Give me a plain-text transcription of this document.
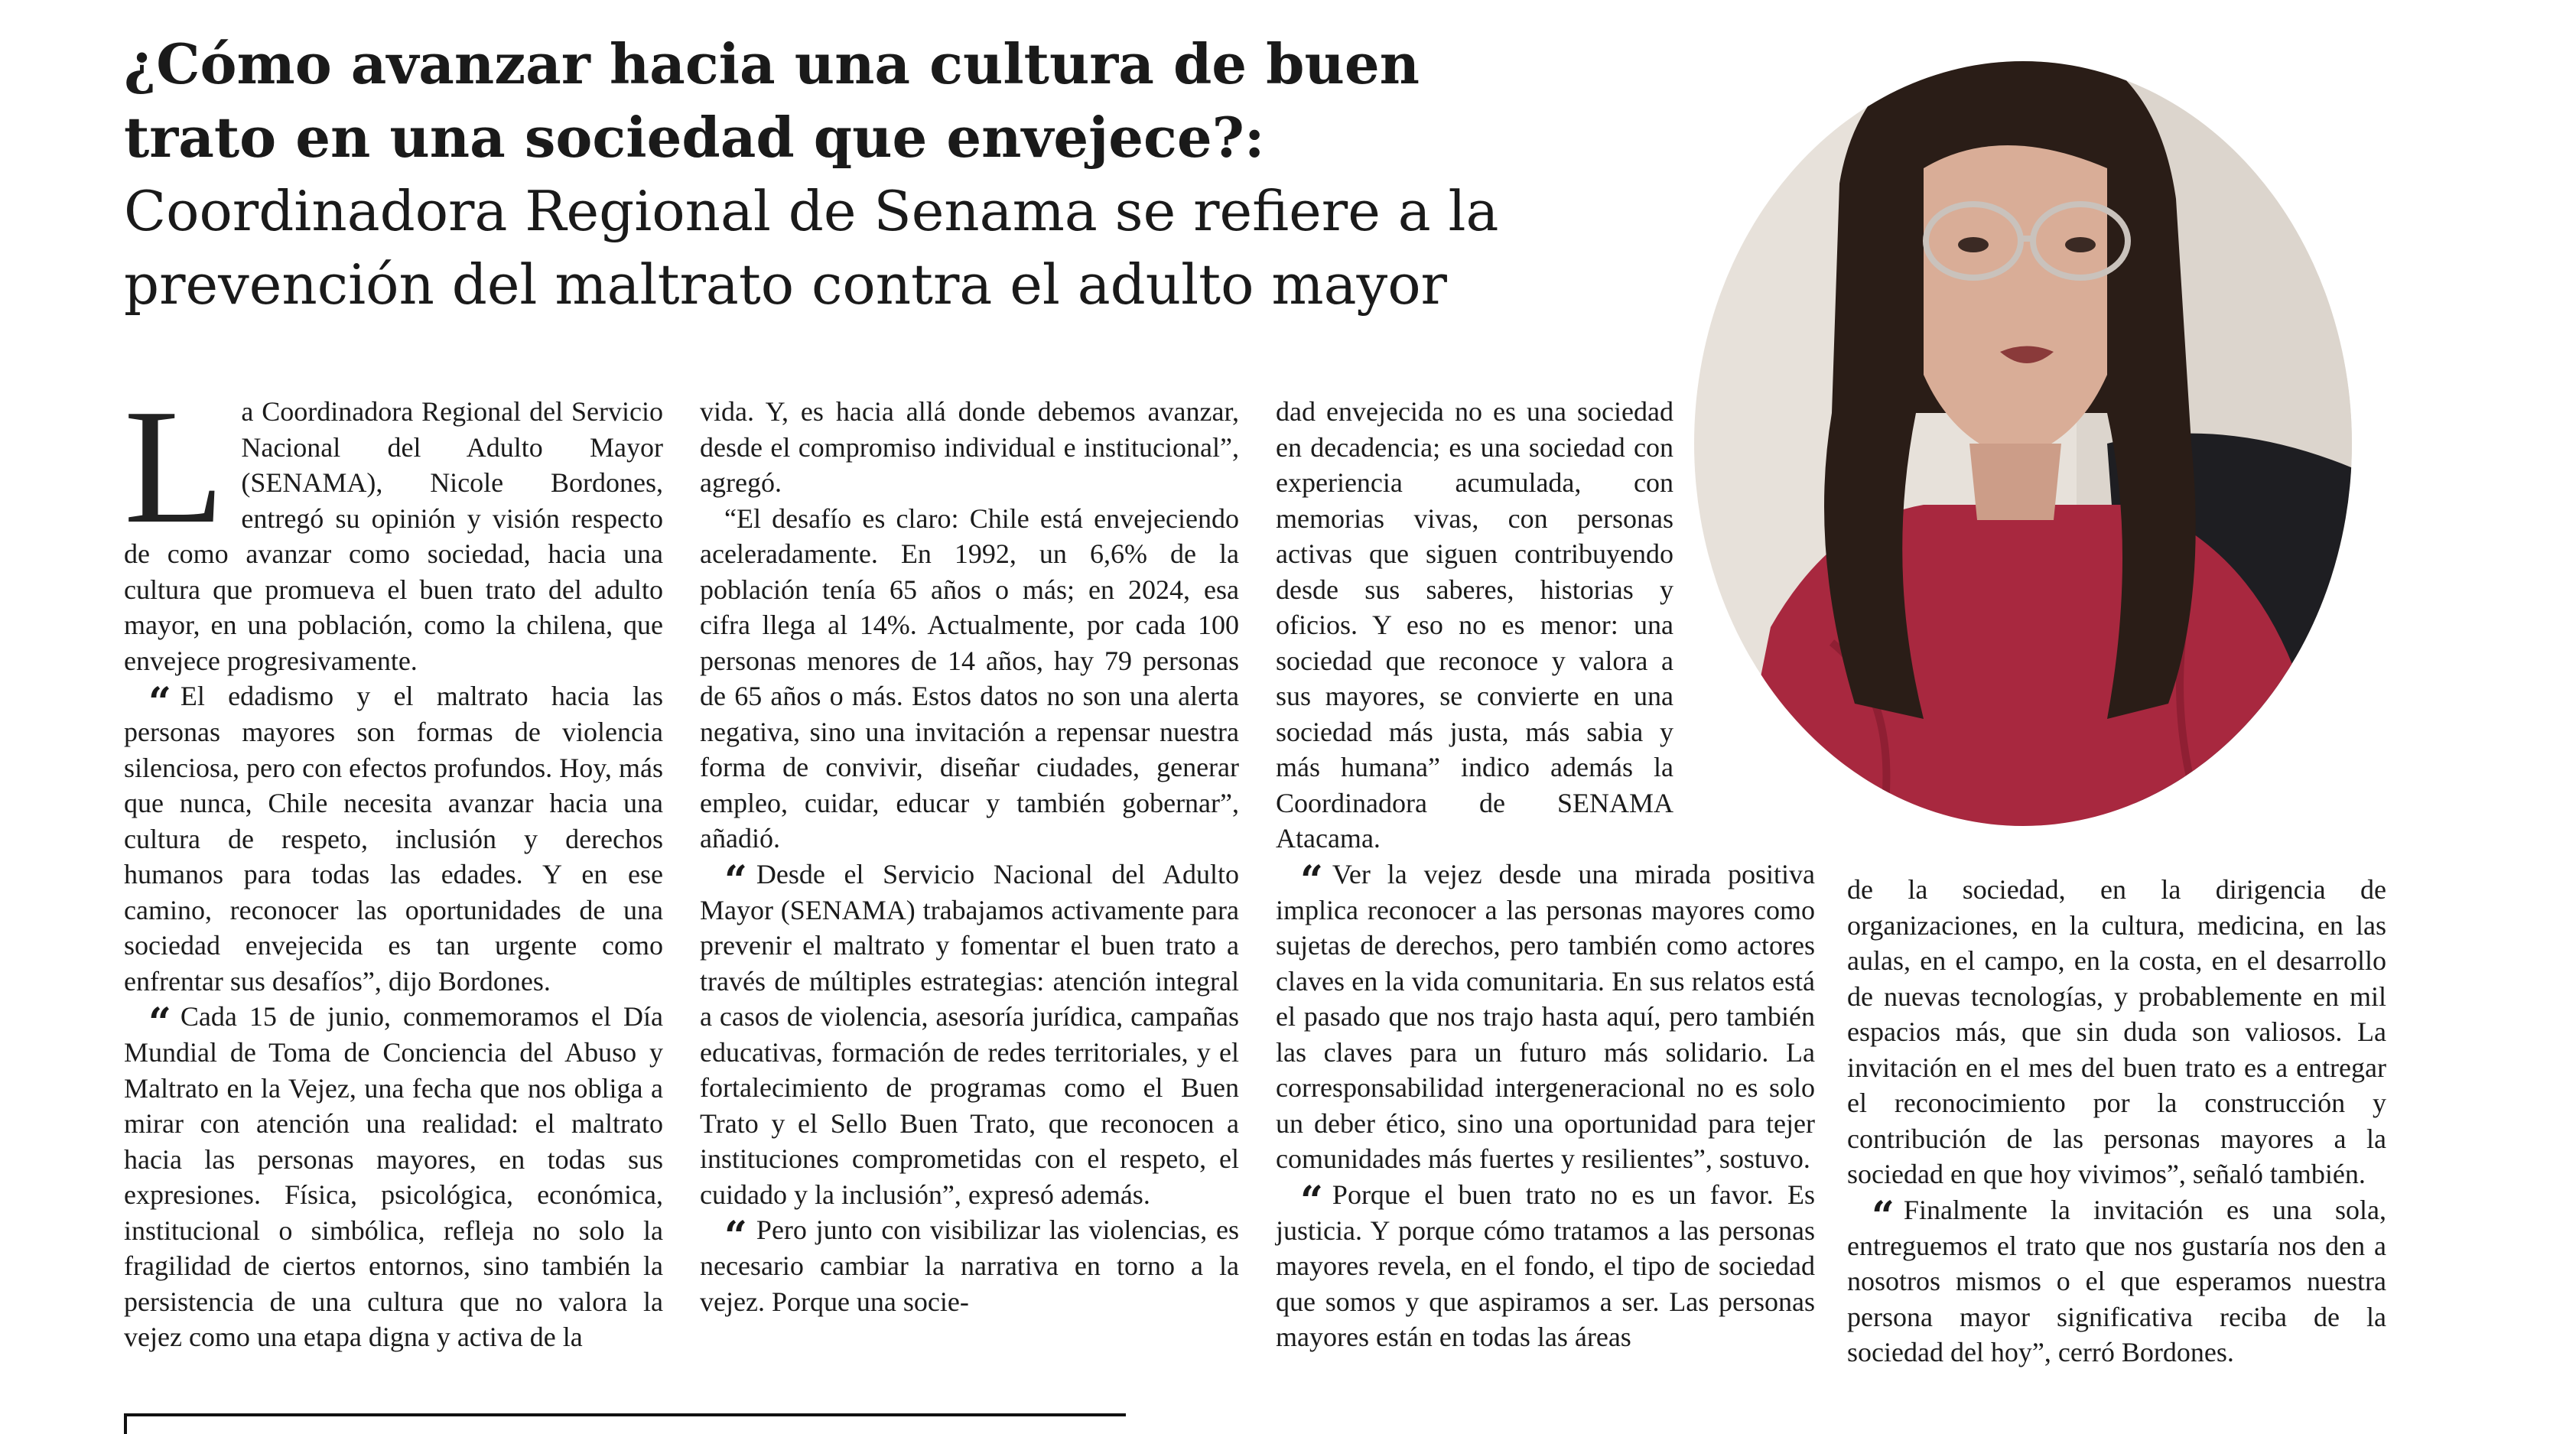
¿Cómo avanzar hacia una cultura de buen trato en una sociedad que envejece?: Coordinadora Regional de Senama se refiere a la prevención del maltrato contra el adulto mayor
L a Coordinadora Regional del Servicio Nacional del Adulto Mayor (SENAMA), Nicole Bordones, entregó su opinión y visión respecto de como avanzar como sociedad, hacia una cultura que promueva el buen trato del adulto mayor, en una población, como la chilena, que envejece progresivamente.

“ El edadismo y el maltrato hacia las personas mayores son formas de violencia silenciosa, pero con efectos profundos. Hoy, más que nunca, Chile necesita avanzar hacia una cultura de respeto, inclusión y derechos humanos para todas las edades. Y en ese camino, reconocer las oportunidades de una sociedad envejecida es tan urgente como enfrentar sus desafíos”, dijo Bordones.

“ Cada 15 de junio, conmemoramos el Día Mundial de Toma de Conciencia del Abuso y Maltrato en la Vejez, una fecha que nos obliga a mirar con atención una realidad: el maltrato hacia las personas mayores, en todas sus expresiones. Física, psicológica, económica, institucional o simbólica, refleja no solo la fragilidad de ciertos entornos, sino también la persistencia de una cultura que no valora la vejez como una etapa digna y activa de la

vida. Y, es hacia allá donde debemos avanzar, desde el compromiso individual e institucional”, agregó.

“El desafío es claro: Chile está envejeciendo aceleradamente. En 1992, un 6,6% de la población tenía 65 años o más; en 2024, esa cifra llega al 14%. Actualmente, por cada 100 personas menores de 14 años, hay 79 personas de 65 años o más. Estos datos no son una alerta negativa, sino una invitación a repensar nuestra forma de convivir, diseñar ciudades, generar empleo, cuidar, educar y también gobernar”, añadió.

“ Desde el Servicio Nacional del Adulto Mayor (SENAMA) trabajamos activamente para prevenir el maltrato y fomentar el buen trato a través de múltiples estrategias: atención integral a casos de violencia, asesoría jurídica, campañas educativas, formación de redes territoriales, y el fortalecimiento de programas como el Buen Trato y el Sello Buen Trato, que reconocen a instituciones comprometidas con el respeto, el cuidado y la inclusión”, expresó además.

“ Pero junto con visibilizar las violencias, es necesario cambiar la narrativa en torno a la vejez. Porque una socie-

dad envejecida no es una sociedad en decadencia; es una sociedad con experiencia acumulada, con memorias vivas, con personas activas que siguen contribuyendo desde sus saberes, historias y oficios. Y eso no es menor: una sociedad que reconoce y valora a sus mayores, se convierte en una sociedad más justa, más sabia y más humana” indico además la Coordinadora de SENAMA Atacama.

“ Ver la vejez desde una mirada positiva implica reconocer a las personas mayores como sujetas de derechos, pero también como actores claves en la vida comunitaria. En sus relatos está el pasado que nos trajo hasta aquí, pero también las claves para un futuro más solidario. La corresponsabilidad intergeneracional no es solo un deber ético, sino una oportunidad para tejer comunidades más fuertes y resilientes”, sostuvo.

“ Porque el buen trato no es un favor. Es justicia. Y porque cómo tratamos a las personas mayores revela, en el fondo, el tipo de sociedad que somos y que aspiramos a ser. Las personas mayores están en todas las áreas

de la sociedad, en la dirigencia de organizaciones, en la cultura, medicina, en las aulas, en el campo, en la costa, en el desarrollo de nuevas tecnologías, y probablemente en mil espacios más, que sin duda son valiosos. La invitación en el mes del buen trato es a entregar el reconocimiento por la construcción y contribución de las personas mayores a la sociedad en que hoy vivimos”, señaló también.

“ Finalmente la invitación es una sola, entreguemos el trato que nos gustaría nos den a nosotros mismos o el que esperamos nuestra persona mayor significativa reciba de la sociedad del hoy”, cerró Bordones.
